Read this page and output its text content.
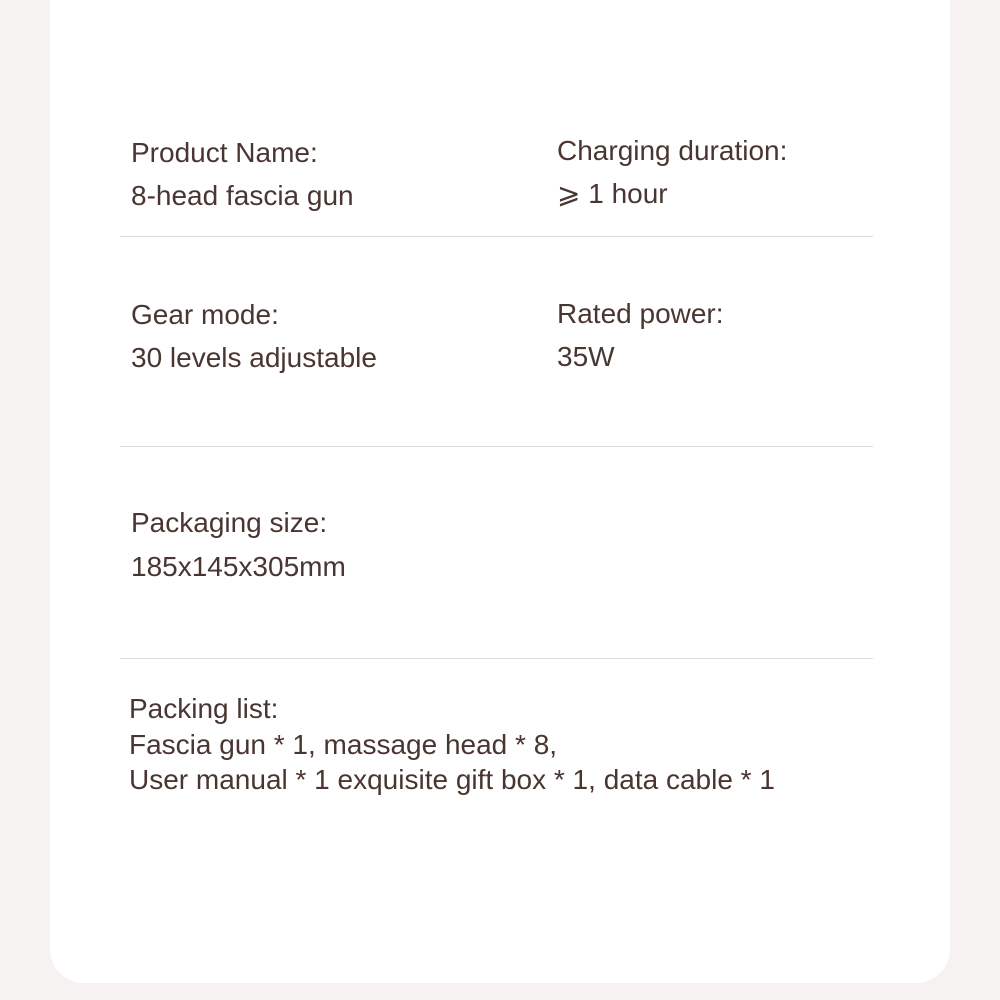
Product Name:
8-head fascia gun
Charging duration:
⩾ 1 hour
Gear mode:
30 levels adjustable
Rated power:
35W
Packaging size:
185x145x305mm
Packing list:
Fascia gun * 1, massage head * 8,
User manual * 1 exquisite gift box * 1, data cable * 1
